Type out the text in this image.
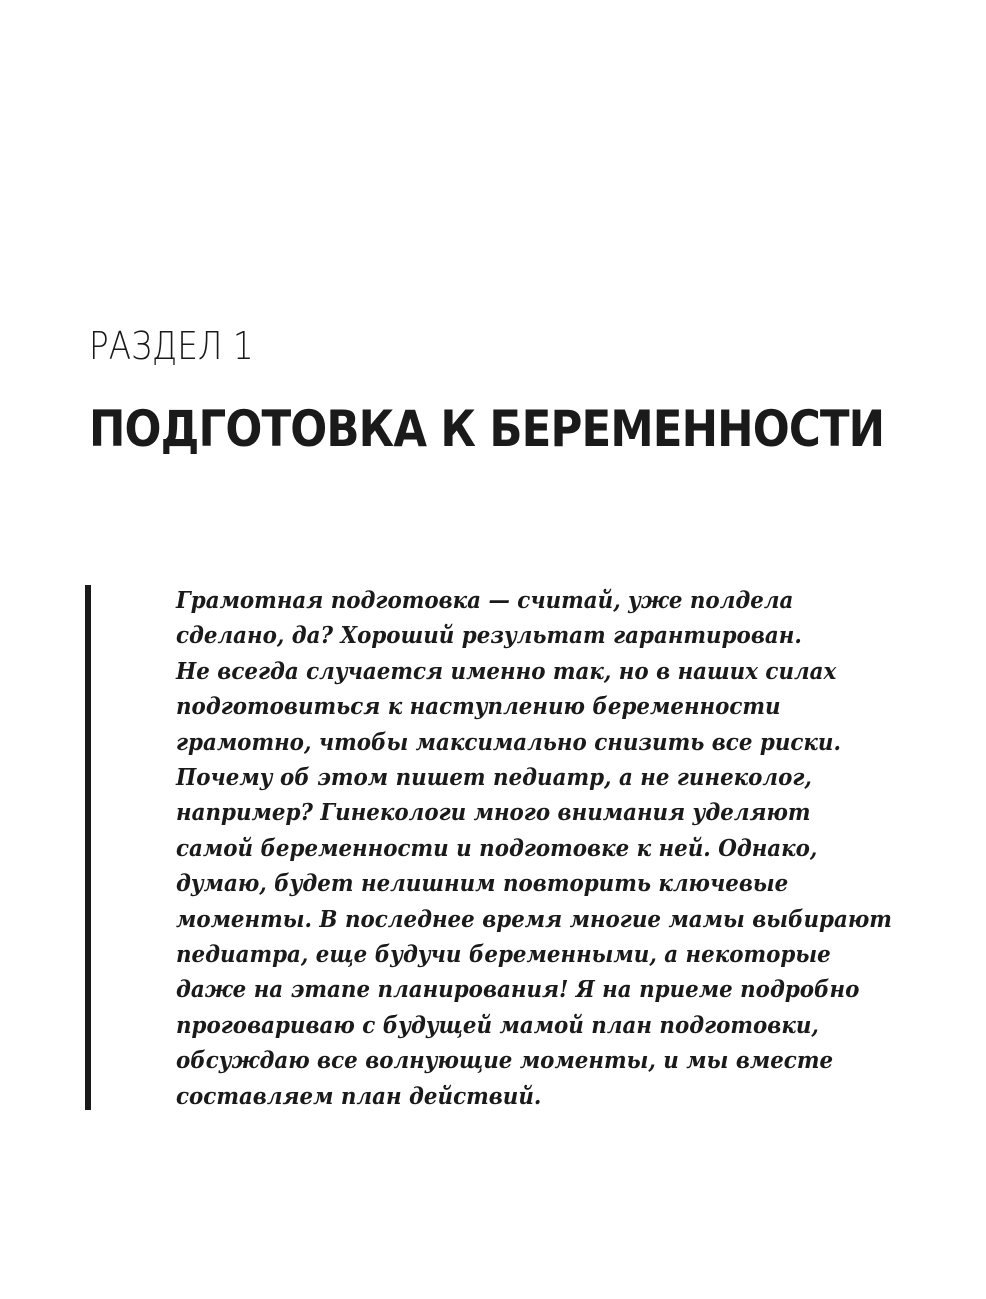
РАЗДЕЛ 1
ПОДГОТОВКА К БЕРЕМЕННОСТИ
Грамотная подготовка — считай, уже полдела
сделано, да? Хороший результат гарантирован.
Не всегда случается именно так, но в наших силах
подготовиться к наступлению беременности
грамотно, чтобы максимально снизить все риски.
Почему об этом пишет педиатр, а не гинеколог,
например? Гинекологи много внимания уделяют
самой беременности и подготовке к ней. Однако,
думаю, будет нелишним повторить ключевые
моменты. В последнее время многие мамы выбирают
педиатра, еще будучи беременными, а некоторые
даже на этапе планирования! Я на приеме подробно
проговариваю с будущей мамой план подготовки,
обсуждаю все волнующие моменты, и мы вместе
составляем план действий.
